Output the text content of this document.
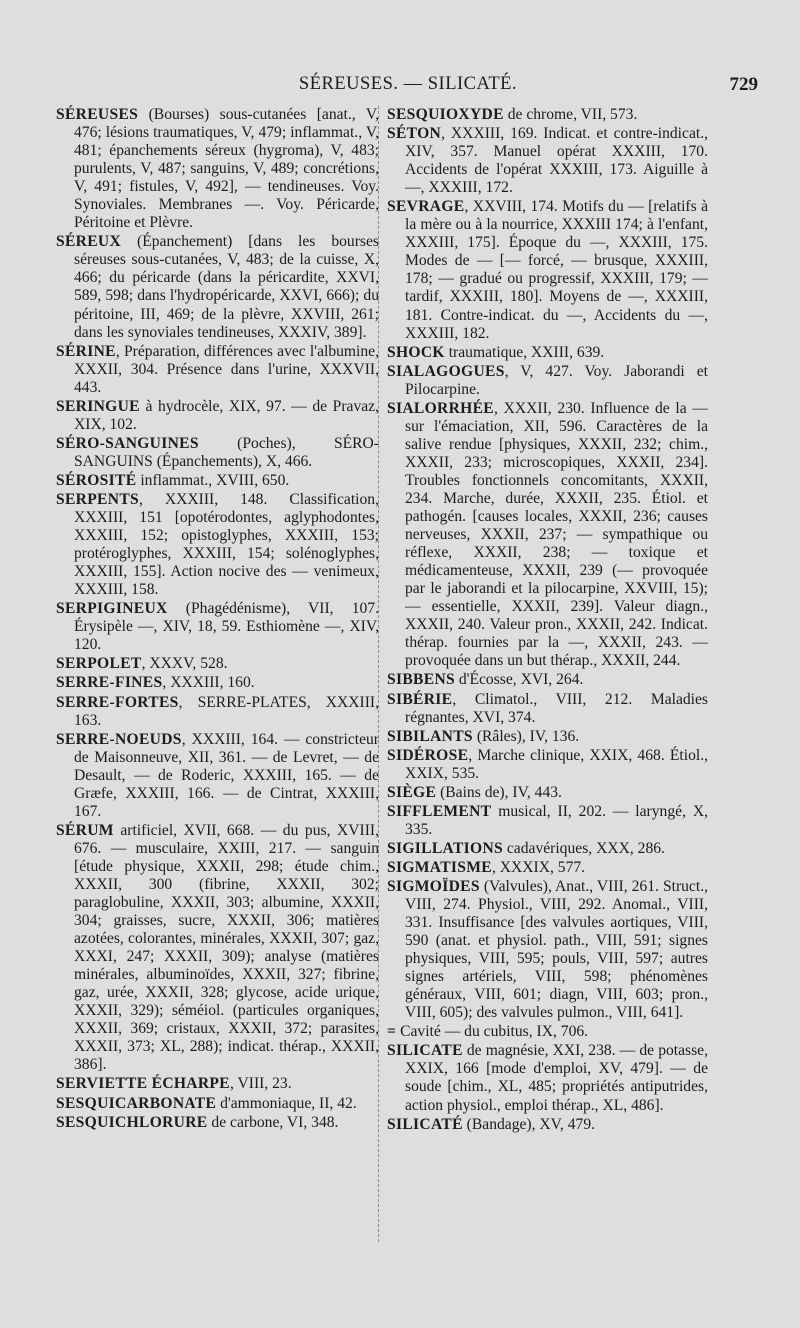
SÉREUSES. — SILICATÉ.	729

SÉREUSES (Bourses) sous-cutanées [anat., V, 476; lésions traumatiques, V, 479; inflammat., V, 481; épanchements séreux (hygroma), V, 483; purulents, V, 487; sanguins, V, 489; concrétions, V, 491; fistules, V, 492], — tendineuses. Voy. Synoviales. Membranes —. Voy. Péricarde, Péritoine et Plèvre.

SÉREUX (Épanchement) [dans les bourses séreuses sous-cutanées, V, 483; de la cuisse, X, 466; du péricarde (dans la péricardite, XXVI, 589, 598; dans l'hydropéricarde, XXVI, 666); du péritoine, III, 469; de la plèvre, XXVIII, 261; dans les synoviales tendineuses, XXXIV, 389].

SÉRINE, Préparation, différences avec l'albumine, XXXII, 304. Présence dans l'urine, XXXVII, 443.

SERINGUE à hydrocèle, XIX, 97. — de Pravaz, XIX, 102.

SÉRO-SANGUINES (Poches), SÉRO-SANGUINS (Épanchements), X, 466.

SÉROSITÉ inflammat., XVIII, 650.

SERPENTS, XXXIII, 148. Classification, XXXIII, 151 [opotérodontes, aglyphodontes, XXXIII, 152; opistoglyphes, XXXIII, 153; protéroglyphes, XXXIII, 154; solénoglyphes, XXXIII, 155]. Action nocive des — venimeux, XXXIII, 158.

SERPIGINEUX (Phagédénisme), VII, 107. Érysipèle —, XIV, 18, 59. Esthiomène —, XIV, 120.

SERPOLET, XXXV, 528.

SERRE-FINES, XXXIII, 160.

SERRE-FORTES, SERRE-PLATES, XXXIII, 163.

SERRE-NOEUDS, XXXIII, 164. — constricteur de Maisonneuve, XII, 361. — de Levret, — de Desault, — de Roderic, XXXIII, 165. — de Græfe, XXXIII, 166. — de Cintrat, XXXIII, 167.

SÉRUM artificiel, XVII, 668. — du pus, XVIII, 676. — musculaire, XXIII, 217. — sanguin [étude physique, XXXII, 298; étude chim., XXXII, 300 (fibrine, XXXII, 302; paraglobuline, XXXII, 303; albumine, XXXII, 304; graisses, sucre, XXXII, 306; matières azotées, colorantes, minérales, XXXII, 307; gaz, XXXI, 247; XXXII, 309); analyse (matières minérales, albuminoïdes, XXXII, 327; fibrine, gaz, urée, XXXII, 328; glycose, acide urique, XXXII, 329); séméiol. (particules organiques, XXXII, 369; cristaux, XXXII, 372; parasites, XXXII, 373; XL, 288); indicat. thérap., XXXII, 386].

SERVIETTE ÉCHARPE, VIII, 23.

SESQUICARBONATE d'ammoniaque, II, 42.

SESQUICHLORURE de carbone, VI, 348.

SESQUIOXYDE de chrome, VII, 573.

SÉTON, XXXIII, 169. Indicat. et contre-indicat., XIV, 357. Manuel opérat XXXIII, 170. Accidents de l'opérat XXXIII, 173. Aiguille à —, XXXIII, 172.

SEVRAGE, XXVIII, 174. Motifs du — [relatifs à la mère ou à la nourrice, XXXIII 174; à l'enfant, XXXIII, 175]. Époque du —, XXXIII, 175. Modes de — [— forcé, — brusque, XXXIII, 178; — gradué ou progressif, XXXIII, 179; — tardif, XXXIII, 180]. Moyens de —, XXXIII, 181. Contre-indicat. du —, Accidents du —, XXXIII, 182.

SHOCK traumatique, XXIII, 639.

SIALAGOGUES, V, 427. Voy. Jaborandi et Pilocarpine.

SIALORRHÉE, XXXII, 230. Influence de la — sur l'émaciation, XII, 596. Caractères de la salive rendue [physiques, XXXII, 232; chim., XXXII, 233; microscopiques, XXXII, 234]. Troubles fonctionnels concomitants, XXXII, 234. Marche, durée, XXXII, 235. Étiol. et pathogén. [causes locales, XXXII, 236; causes nerveuses, XXXII, 237; — sympathique ou réflexe, XXXII, 238; — toxique et médicamenteuse, XXXII, 239 (— provoquée par le jaborandi et la pilocarpine, XXVIII, 15); — essentielle, XXXII, 239]. Valeur diagn., XXXII, 240. Valeur pron., XXXII, 242. Indicat. thérap. fournies par la —, XXXII, 243. — provoquée dans un but thérap., XXXII, 244.

SIBBENS d'Écosse, XVI, 264.

SIBÉRIE, Climatol., VIII, 212. Maladies régnantes, XVI, 374.

SIBILANTS (Râles), IV, 136.

SIDÉROSE, Marche clinique, XXIX, 468. Étiol., XXIX, 535.

SIÈGE (Bains de), IV, 443.

SIFFLEMENT musical, II, 202. — laryngé, X, 335.

SIGILLATIONS cadavériques, XXX, 286.

SIGMATISME, XXXIX, 577.

SIGMOÏDES (Valvules), Anat., VIII, 261. Struct., VIII, 274. Physiol., VIII, 292. Anomal., VIII, 331. Insuffisance [des valvules aortiques, VIII, 590 (anat. et physiol. path., VIII, 591; signes physiques, VIII, 595; pouls, VIII, 597; autres signes artériels, VIII, 598; phénomènes généraux, VIII, 601; diagn, VIII, 603; pron., VIII, 605); des valvules pulmon., VIII, 641].

= Cavité — du cubitus, IX, 706.

SILICATE de magnésie, XXI, 238. — de potasse, XXIX, 166 [mode d'emploi, XV, 479]. — de soude [chim., XL, 485; propriétés antiputrides, action physiol., emploi thérap., XL, 486].

SILICATÉ (Bandage), XV, 479.
